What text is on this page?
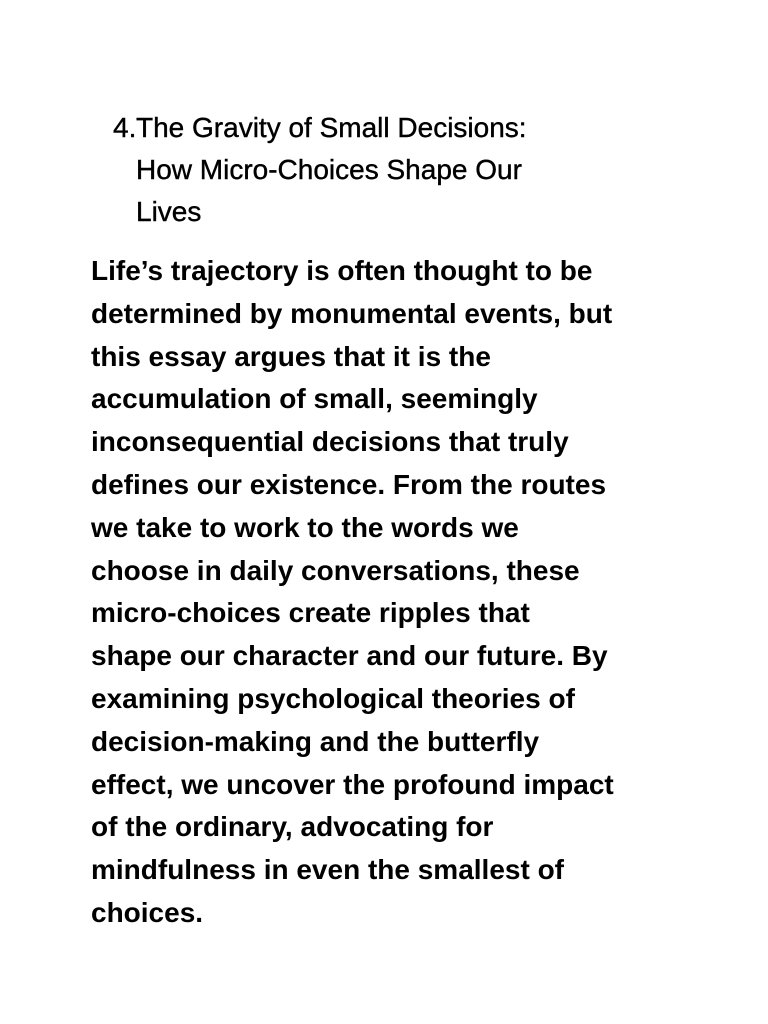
4. The Gravity of Small Decisions:
How Micro-Choices Shape Our
Lives

Life’s trajectory is often thought to be
determined by monumental events, but
this essay argues that it is the
accumulation of small, seemingly
inconsequential decisions that truly
defines our existence. From the routes
we take to work to the words we
choose in daily conversations, these
micro-choices create ripples that
shape our character and our future. By
examining psychological theories of
decision-making and the butterfly
effect, we uncover the profound impact
of the ordinary, advocating for
mindfulness in even the smallest of
choices.
